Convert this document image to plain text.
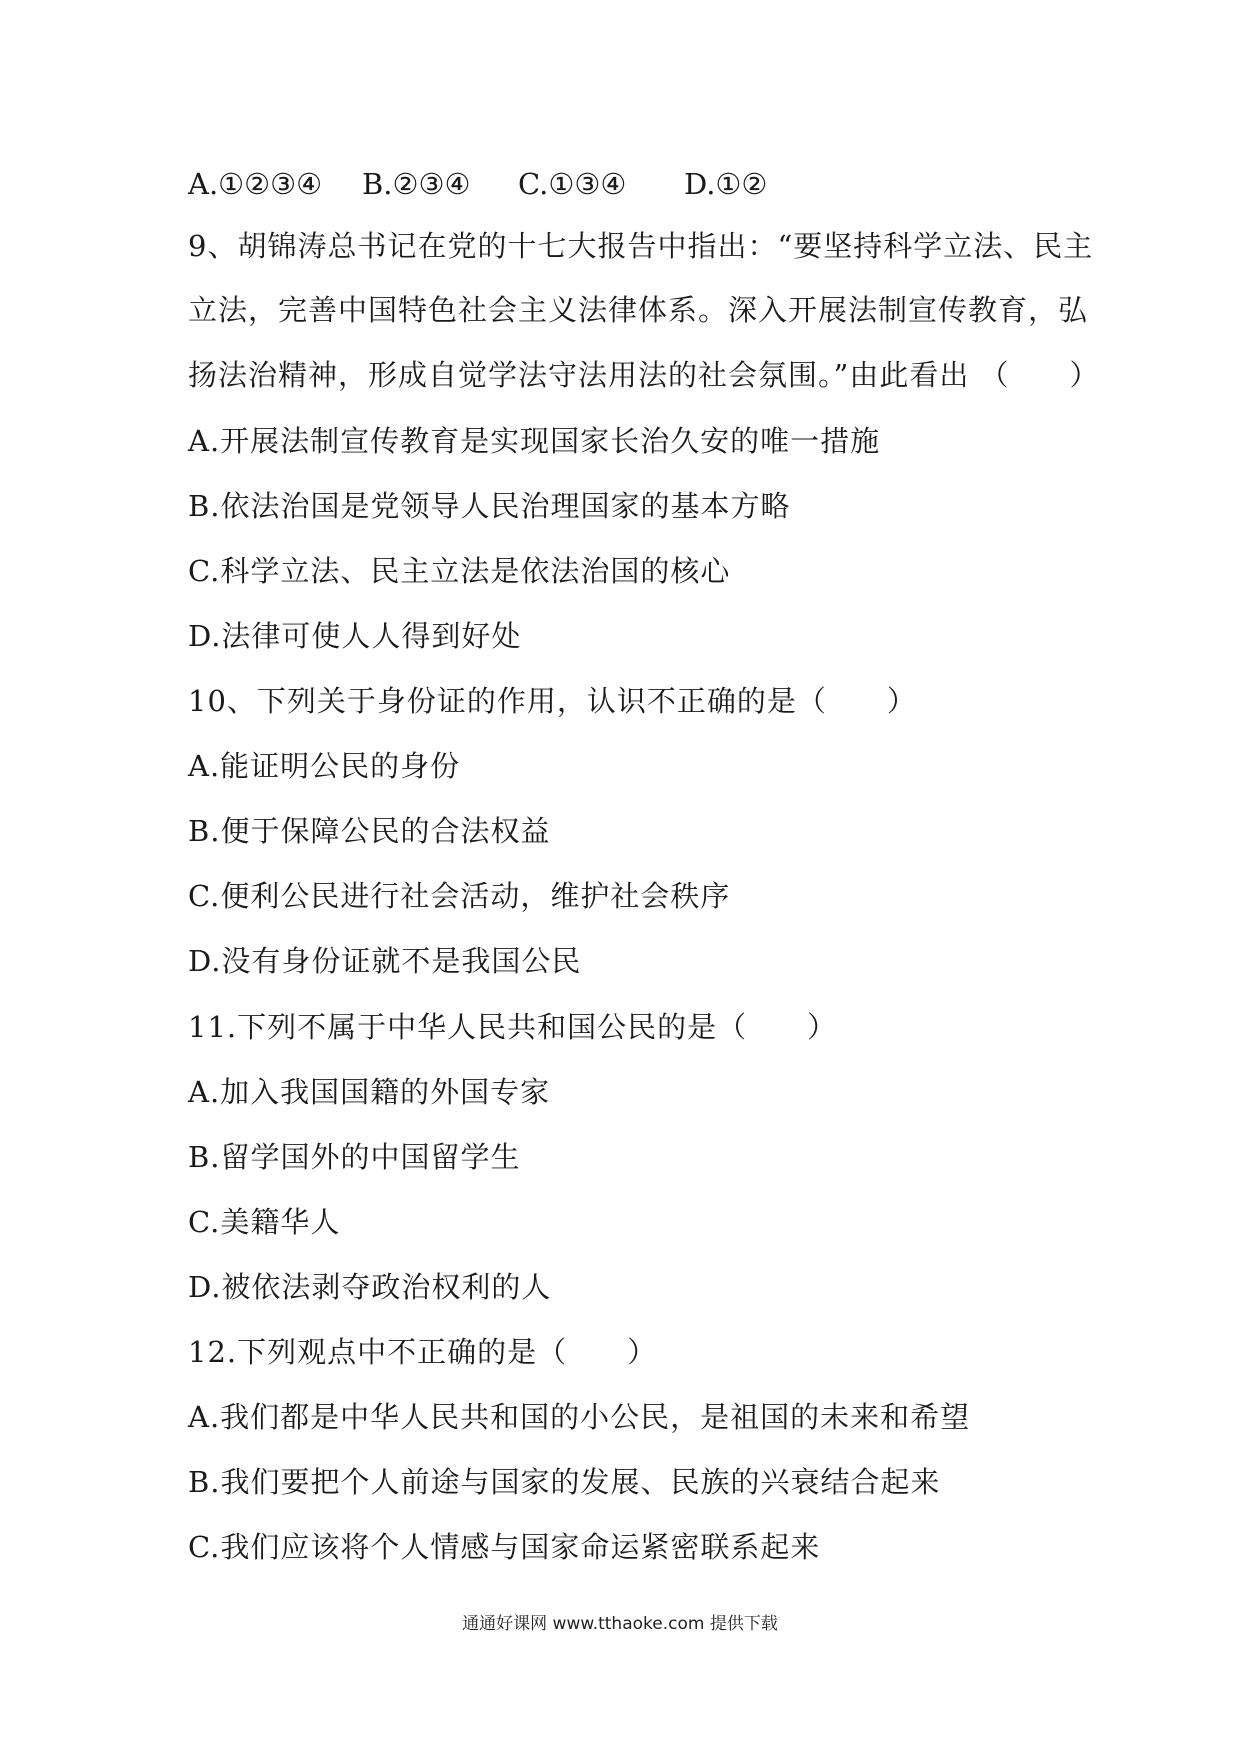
A.①②③④ B.②③④ C.①③④ D.①②
9、胡锦涛总书记在党的十七大报告中指出：“要坚持科学立法、民主
立法，完善中国特色社会主义法律体系。深入开展法制宣传教育，弘
扬法治精神，形成自觉学法守法用法的社会氛围。”由此看出 （　　）
A.开展法制宣传教育是实现国家长治久安的唯一措施
B.依法治国是党领导人民治理国家的基本方略
C.科学立法、民主立法是依法治国的核心
D.法律可使人人得到好处
10、下列关于身份证的作用，认识不正确的是（　　）
A.能证明公民的身份
B.便于保障公民的合法权益
C.便利公民进行社会活动，维护社会秩序
D.没有身份证就不是我国公民
11.下列不属于中华人民共和国公民的是（　　）
A.加入我国国籍的外国专家
B.留学国外的中国留学生
C.美籍华人
D.被依法剥夺政治权利的人
12.下列观点中不正确的是（　　）
A.我们都是中华人民共和国的小公民，是祖国的未来和希望
B.我们要把个人前途与国家的发展、民族的兴衰结合起来
C.我们应该将个人情感与国家命运紧密联系起来
通通好课网 www.tthaoke.com 提供下载
